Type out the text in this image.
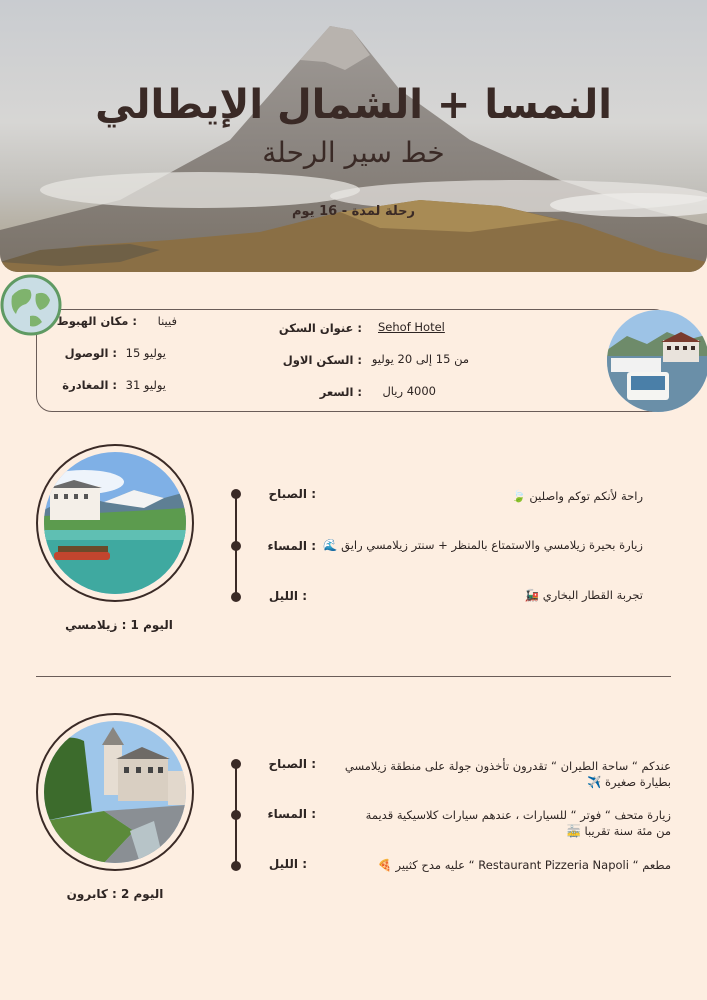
النمسا + الشمال الإيطالي
خط سير الرحلة
رحلة لمدة - 16 يوم
: مكان الهبوط فيينا
: الوصول يوليو 15
: المغادرة يوليو 31
: عنوان السكن Sehof Hotel
: السكن الاول من 15 إلى 20 يوليو
: السعر 4000 ريال
اليوم 1 : زيلامسي
: الصباح
: المساء
: الليل
راحة لأنكم توكم واصلين 🍃
زيارة بحيرة زيلامسي والاستمتاع بالمنظر + سنتر زيلامسي رايق 🌊
تجربة القطار البخاري 🚂
اليوم 2 : كابرون
: الصباح
: المساء
: الليل
عندكم “ ساحة الطيران “ تقدرون تأخذون جولة على منطقة زيلامسي
بطيارة صغيرة ✈️
زيارة متحف “ فوتر “ للسيارات ، عندهم سيارات كلاسيكية قديمة
من مئة سنة تقريبا 🚋
مطعم “ Restaurant Pizzeria Napoli “ عليه مدح كثيير 🍕
